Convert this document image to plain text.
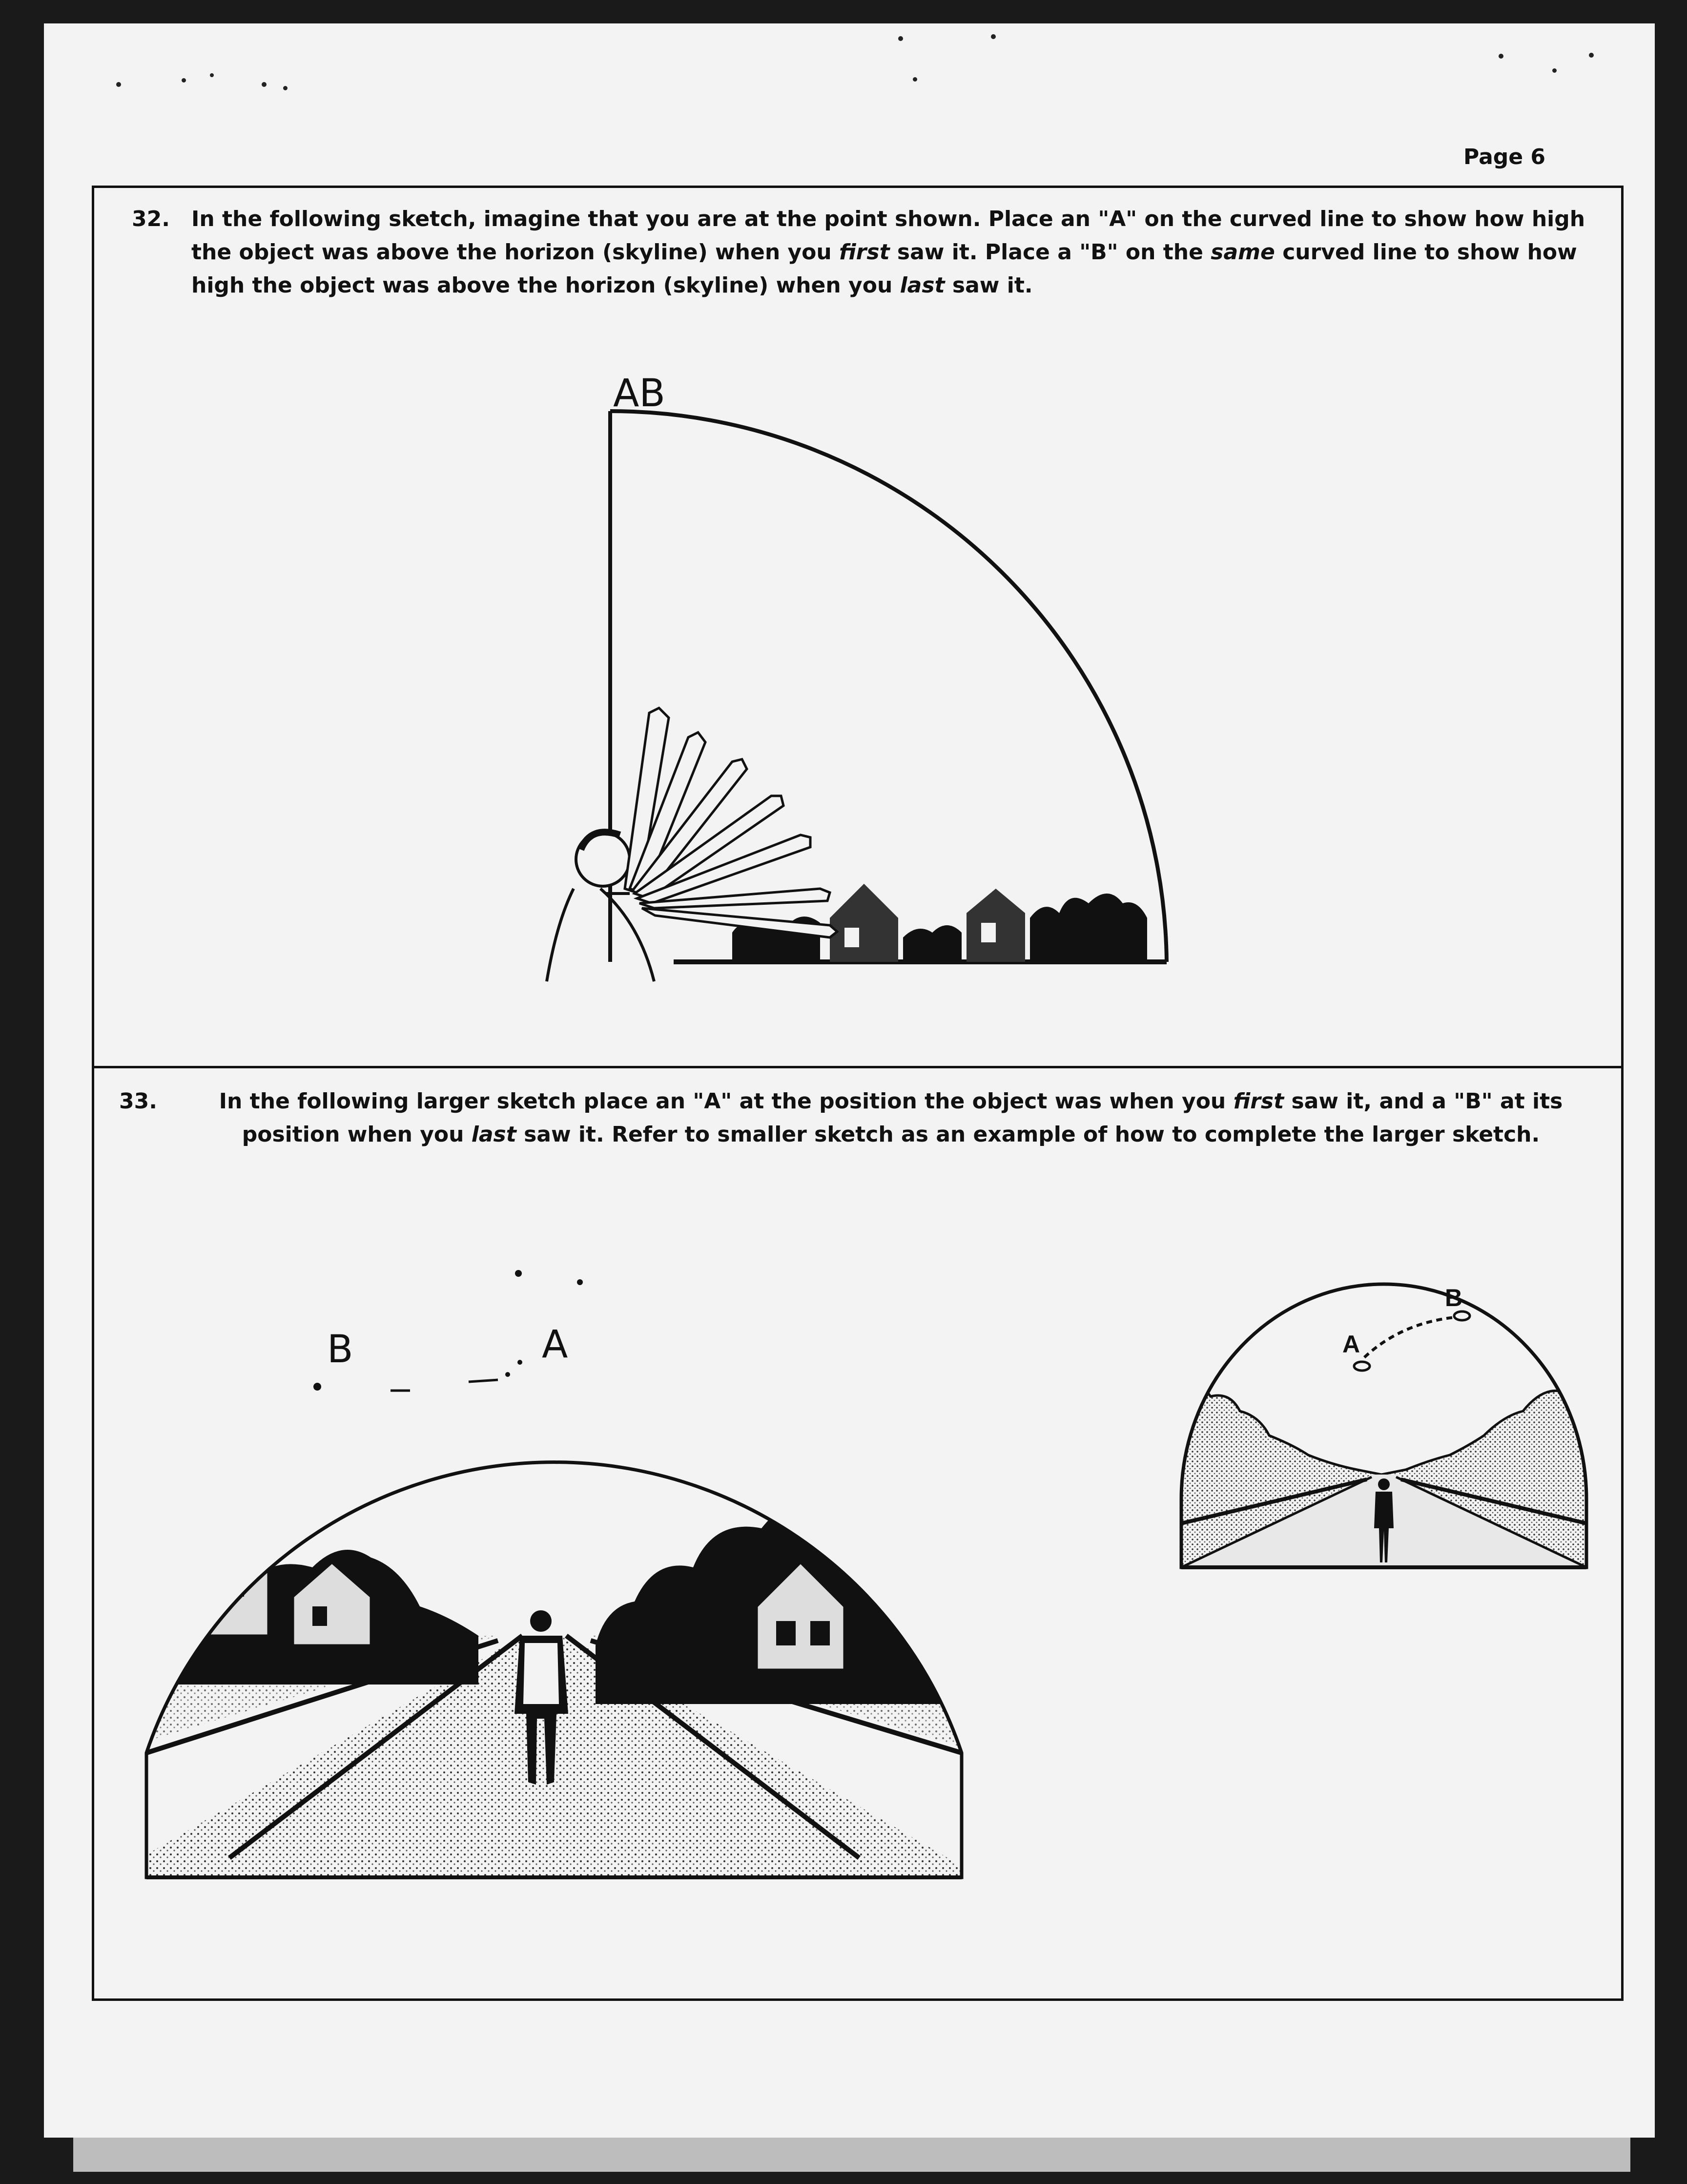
Page 6
32. In the following sketch, imagine that you are at the point shown. Place an "A" on the curved line to show how high the object was above the horizon (skyline) when you first saw it. Place a "B" on the same curved line to show how high the object was above the horizon (skyline) when you last saw it.
AB
33.	In the following larger sketch place an "A" at the position the object was when you first saw it, and a "B" at its position when you last saw it. Refer to smaller sketch as an example of how to complete the larger sketch.
B	A	A
B
